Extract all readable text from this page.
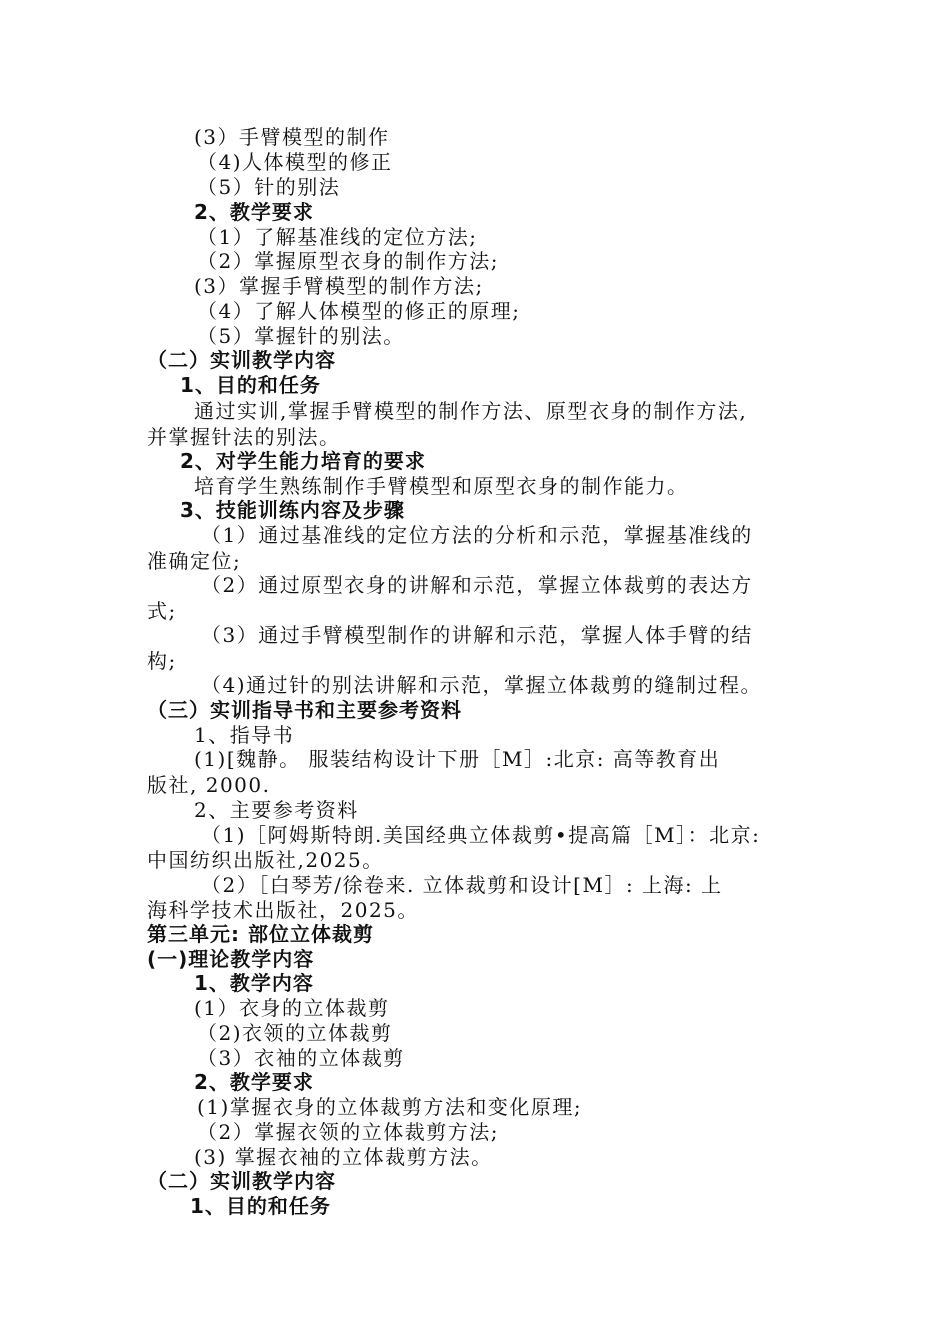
(3）手臂模型的制作
（4)人体模型的修正
（5）针的别法
2、教学要求
（1）了解基准线的定位方法;
（2）掌握原型衣身的制作方法;
(3）掌握手臂模型的制作方法;
（4）了解人体模型的修正的原理;
（5）掌握针的别法。
（二）实训教学内容
1、目的和任务
通过实训,掌握手臂模型的制作方法、原型衣身的制作方法,
并掌握针法的别法。
2、对学生能力培育的要求
培育学生熟练制作手臂模型和原型衣身的制作能力。
3、技能训练内容及步骤
（1）通过基准线的定位方法的分析和示范，掌握基准线的
准确定位;
（2）通过原型衣身的讲解和示范，掌握立体裁剪的表达方
式;
（3）通过手臂模型制作的讲解和示范，掌握人体手臂的结
构;
（4)通过针的别法讲解和示范，掌握立体裁剪的缝制过程。
（三）实训指导书和主要参考资料
1、指导书
(1)[魏静。 服装结构设计下册［M］:北京: 高等教育出
版社, 2000.
2、主要参考资料
（1)［阿姆斯特朗.美国经典立体裁剪•提高篇［M］：北京:
中国纺织出版社,2025。
（2）［白琴芳/徐卷来. 立体裁剪和设计[M］: 上海: 上
海科学技术出版社，2025。
第三单元: 部位立体裁剪
(一)理论教学内容
1、教学内容
(1）衣身的立体裁剪
（2)衣领的立体裁剪
（3）衣袖的立体裁剪
2、教学要求
(1)掌握衣身的立体裁剪方法和变化原理;
（2）掌握衣领的立体裁剪方法;
(3) 掌握衣袖的立体裁剪方法。
（二）实训教学内容
1、目的和任务
